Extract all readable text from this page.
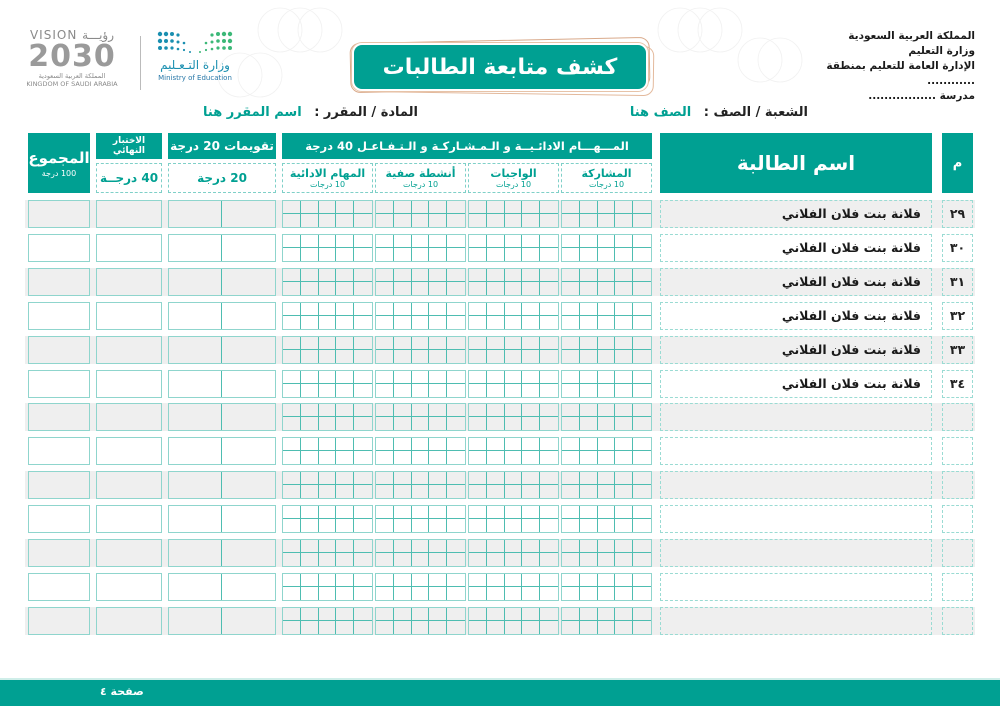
VISION رؤيـــة
2030
المملكة العربية السعودية
KINGDOM OF SAUDI ARABIA
وزارة التـعـليم
Ministry of Education	كشف متابعة الطالبات
المملكة العربية السعودية
وزارة التعليم
الإدارة العامة للتعليم بمنطقة ............
مدرسة .................
الشعبة / الصف : الصف هنا
المادة / المقرر : اسم المقرر هنا
م
اسم الطالبة
المـــهـــام الادائـيــة و الـمـشـاركـة و الـتـفـاعـل 40 درجة
المشاركة
10 درجات
الواجبات
10 درجات
أنشطة صفية
10 درجات
المهام الادائية
10 درجات
تقويمات 20 درجة
20 درجة
الاختبار النهائي
40 درجــة
المجموع
100 درجة
٢٩
فلانة بنت فلان الفلاني
٣٠
فلانة بنت فلان الفلاني
٣١
فلانة بنت فلان الفلاني
٣٢
فلانة بنت فلان الفلاني
٣٣
فلانة بنت فلان الفلاني
٣٤
فلانة بنت فلان الفلاني
صفحة ٤
